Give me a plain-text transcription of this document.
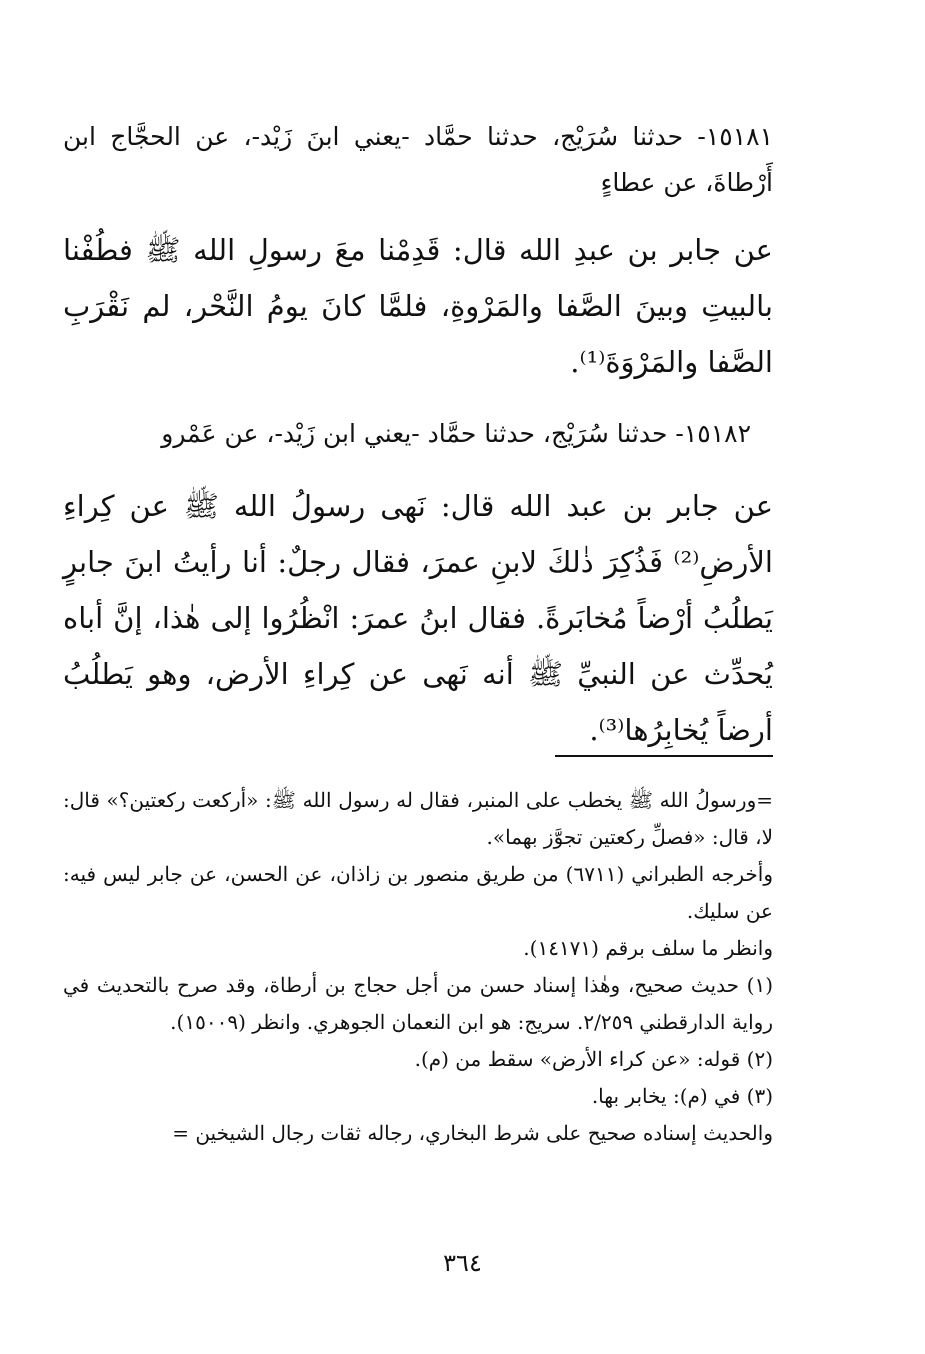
١٥١٨١- حدثنا سُرَيْج، حدثنا حمَّاد -يعني ابنَ زَيْد-، عن الحجَّاج ابن أَرْطاةَ، عن عطاءٍ
عن جابر بن عبدِ الله قال: قَدِمْنا معَ رسولِ الله ﷺ فطُفْنا بالبيتِ وبينَ الصَّفا والمَرْوةِ، فلمَّا كانَ يومُ النَّحْر، لم نَقْرَبِ الصَّفا والمَرْوَةَ⁽¹⁾.
١٥١٨٢- حدثنا سُرَيْج، حدثنا حمَّاد -يعني ابن زَيْد-، عن عَمْرو
عن جابر بن عبد الله قال: نَهى رسولُ الله ﷺ عن كِراءِ الأرضِ⁽²⁾ فَذُكِرَ ذٰلكَ لابنِ عمرَ، فقال رجلٌ: أنا رأيتُ ابنَ جابرٍ يَطلُبُ أرْضاً مُخابَرةً. فقال ابنُ عمرَ: انْظُرُوا إلى هٰذا، إنَّ أباه يُحدِّث عن النبيِّ ﷺ أنه نَهى عن كِراءِ الأرض، وهو يَطلُبُ أرضاً يُخابِرُها⁽³⁾.

=ورسولُ الله ﷺ يخطب على المنبر، فقال له رسول الله ﷺ: «أركعت ركعتين؟» قال: لا، قال: «فصلِّ ركعتين تجوَّز بهما».

وأخرجه الطبراني (٦٧١١) من طريق منصور بن زاذان، عن الحسن، عن جابر ليس فيه: عن سليك.

وانظر ما سلف برقم (١٤١٧١).

(١) حديث صحيح، وهٰذا إسناد حسن من أجل حجاج بن أرطاة، وقد صرح بالتحديث في رواية الدارقطني ٢/٢٥٩. سريج: هو ابن النعمان الجوهري. وانظر (١٥٠٠٩).

(٢) قوله: «عن كراء الأرض» سقط من (م).

(٣) في (م): يخابر بها.

والحديث إسناده صحيح على شرط البخاري، رجاله ثقات رجال الشيخين =

٣٦٤
